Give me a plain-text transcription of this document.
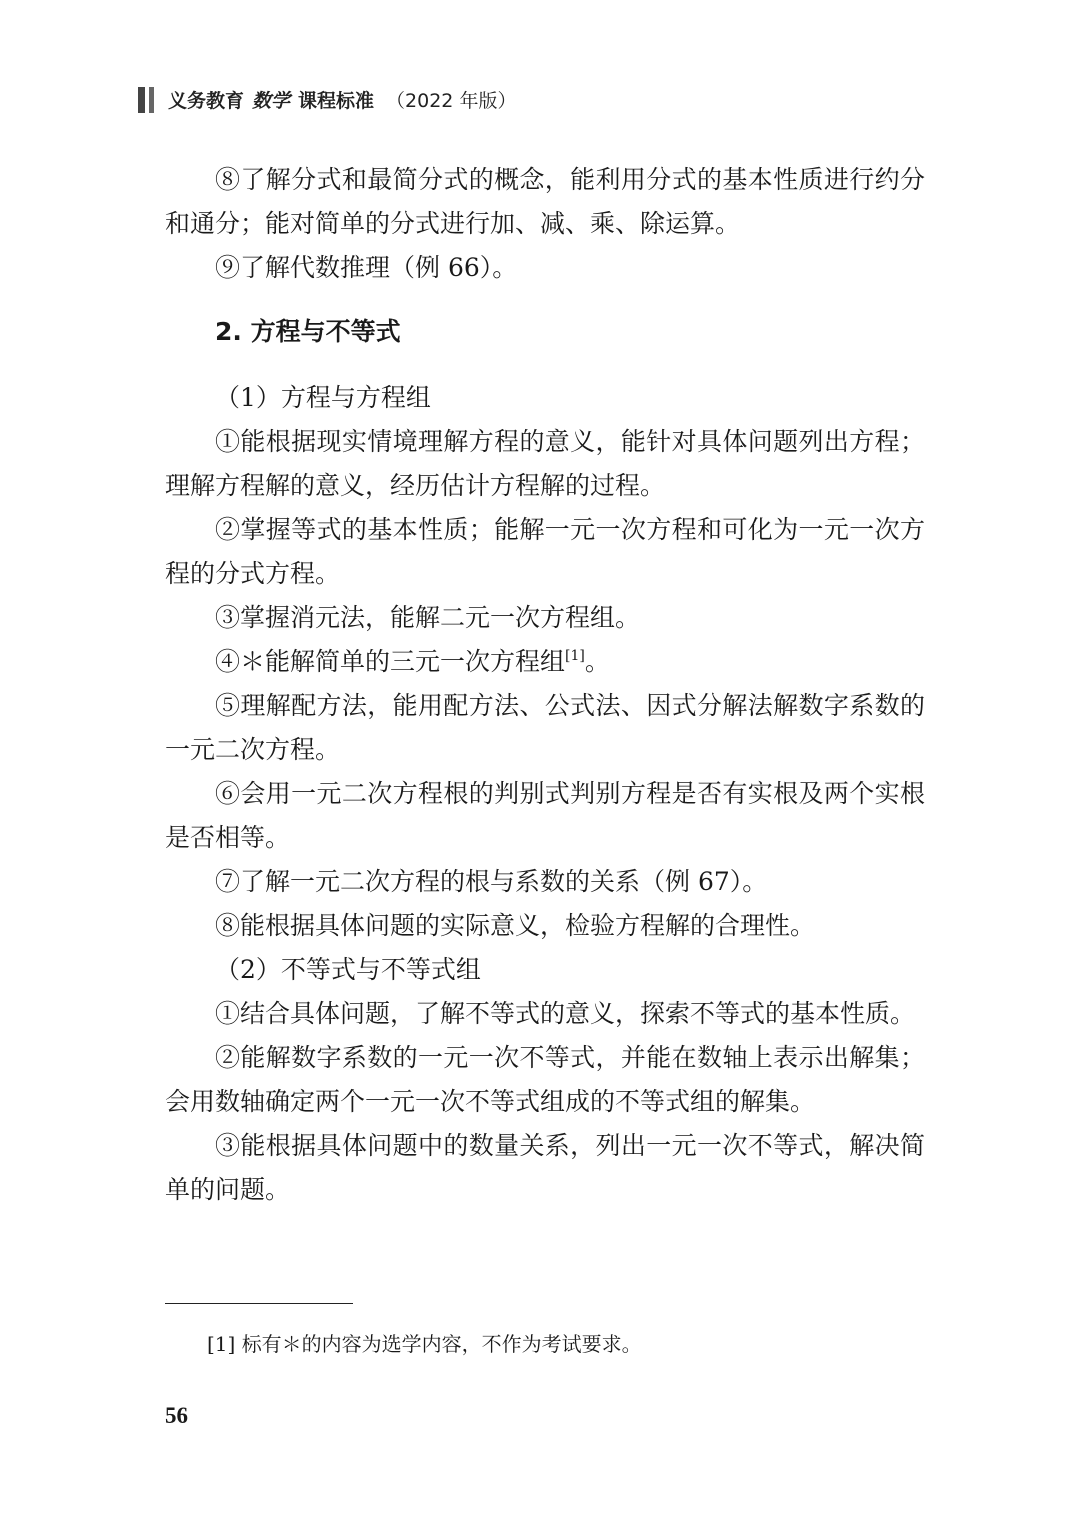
义务教育 数学 课程标准 （2022 年版）

⑧了解分式和最简分式的概念，能利用分式的基本性质进行约分和通分；能对简单的分式进行加、减、乘、除运算。

⑨了解代数推理（例 66）。

2. 方程与不等式

（1）方程与方程组

①能根据现实情境理解方程的意义，能针对具体问题列出方程；理解方程解的意义，经历估计方程解的过程。

②掌握等式的基本性质；能解一元一次方程和可化为一元一次方程的分式方程。

③掌握消元法，能解二元一次方程组。

④＊能解简单的三元一次方程组[1]。

⑤理解配方法，能用配方法、公式法、因式分解法解数字系数的一元二次方程。

⑥会用一元二次方程根的判别式判别方程是否有实根及两个实根是否相等。

⑦了解一元二次方程的根与系数的关系（例 67）。

⑧能根据具体问题的实际意义，检验方程解的合理性。

（2）不等式与不等式组

①结合具体问题，了解不等式的意义，探索不等式的基本性质。

②能解数字系数的一元一次不等式，并能在数轴上表示出解集；会用数轴确定两个一元一次不等式组成的不等式组的解集。

③能根据具体问题中的数量关系，列出一元一次不等式，解决简单的问题。

[1] 标有＊的内容为选学内容，不作为考试要求。
56
